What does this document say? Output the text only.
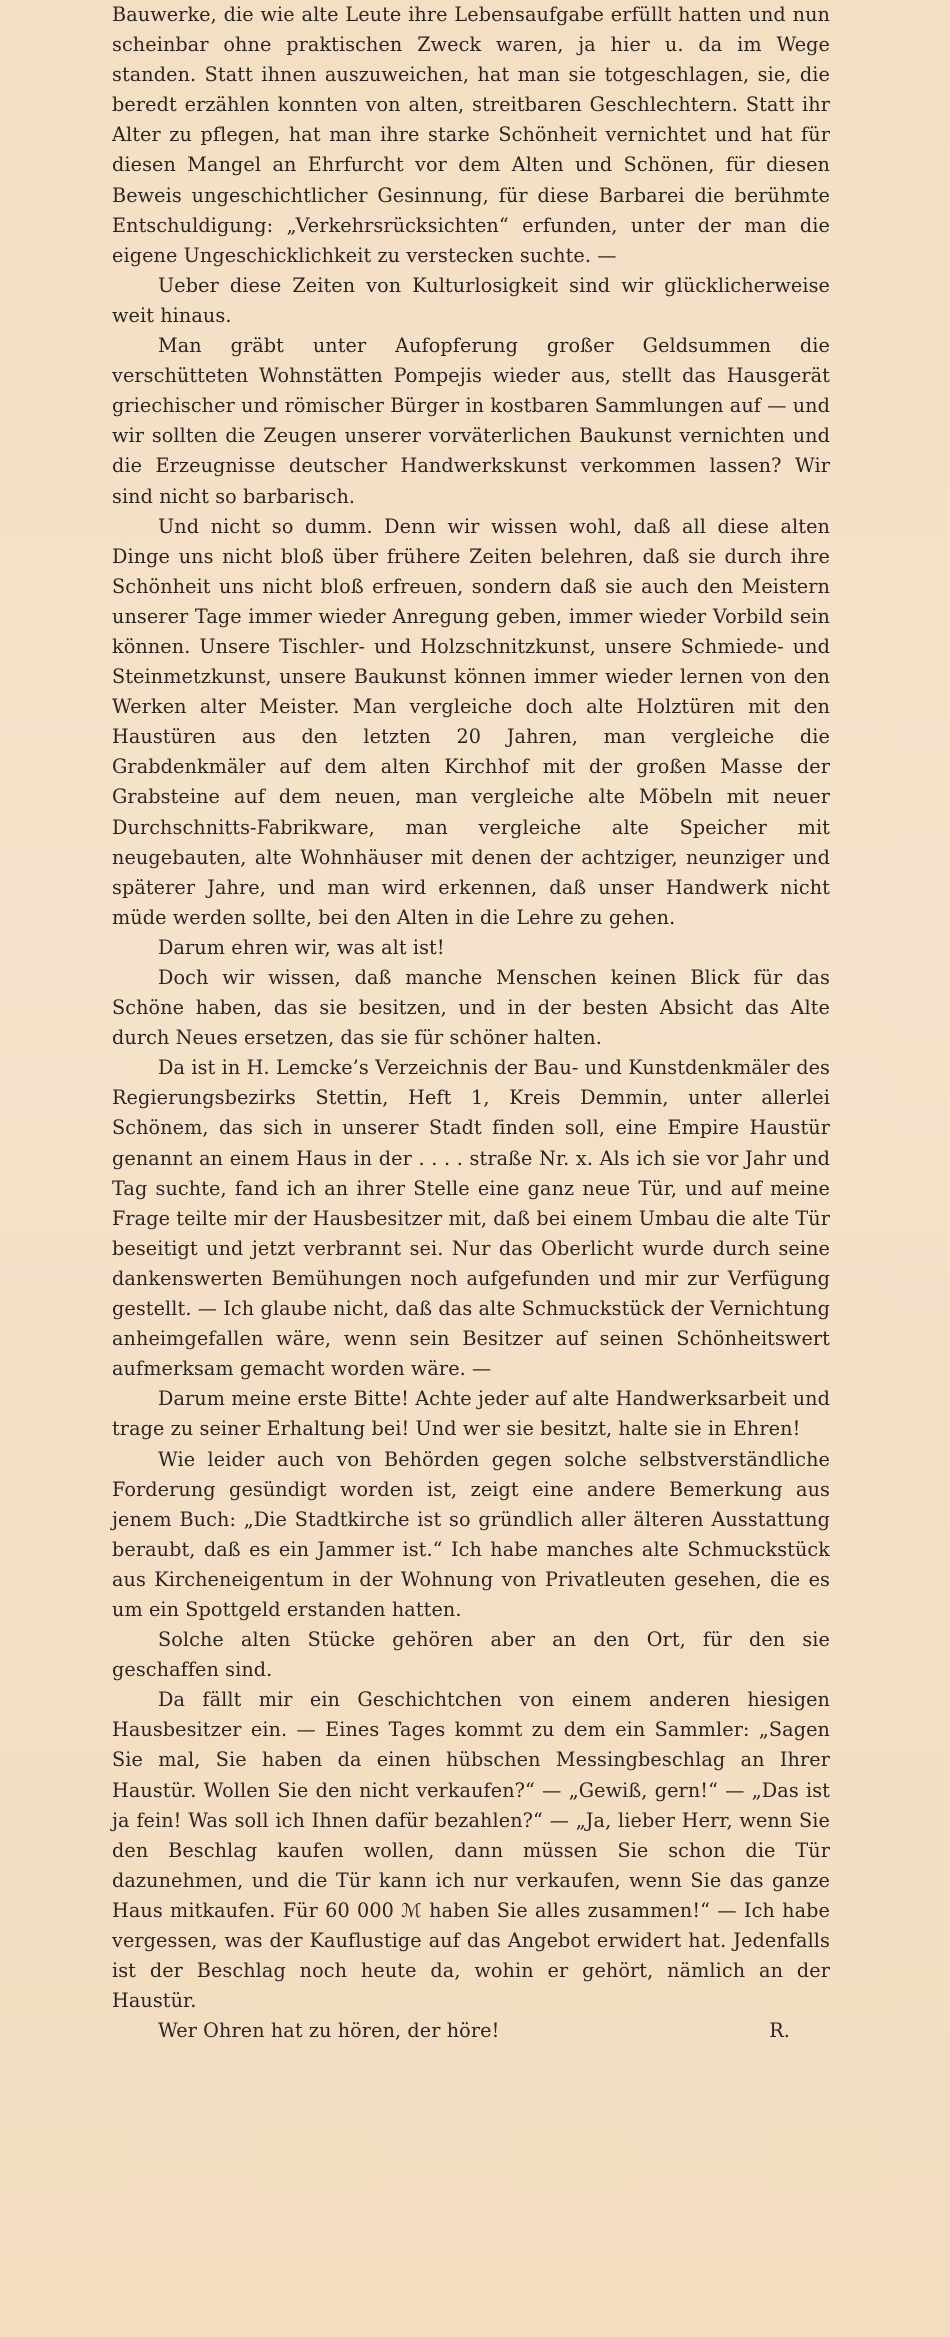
Bauwerke, die wie alte Leute ihre Lebensaufgabe erfüllt hatten und nun scheinbar ohne praktischen Zweck waren, ja hier u. da im Wege standen. Statt ihnen auszuweichen, hat man sie totgeschlagen, sie, die beredt erzählen konnten von alten, streitbaren Geschlechtern. Statt ihr Alter zu pflegen, hat man ihre starke Schönheit vernichtet und hat für diesen Mangel an Ehrfurcht vor dem Alten und Schönen, für diesen Beweis ungeschichtlicher Gesinnung, für diese Barbarei die berühmte Entschuldigung: „Verkehrsrücksichten“ erfunden, unter der man die eigene Ungeschicklichkeit zu verstecken suchte. —

Ueber diese Zeiten von Kulturlosigkeit sind wir glücklicherweise weit hinaus.

Man gräbt unter Aufopferung großer Geldsummen die verschütteten Wohnstätten Pompejis wieder aus, stellt das Hausgerät griechischer und römischer Bürger in kostbaren Sammlungen auf — und wir sollten die Zeugen unserer vorväterlichen Baukunst vernichten und die Erzeugnisse deutscher Handwerkskunst verkommen lassen? Wir sind nicht so barbarisch.

Und nicht so dumm. Denn wir wissen wohl, daß all diese alten Dinge uns nicht bloß über frühere Zeiten belehren, daß sie durch ihre Schönheit uns nicht bloß erfreuen, sondern daß sie auch den Meistern unserer Tage immer wieder Anregung geben, immer wieder Vorbild sein können. Unsere Tischler- und Holzschnitzkunst, unsere Schmiede- und Steinmetzkunst, unsere Baukunst können immer wieder lernen von den Werken alter Meister. Man vergleiche doch alte Holztüren mit den Haustüren aus den letzten 20 Jahren, man vergleiche die Grabdenkmäler auf dem alten Kirchhof mit der großen Masse der Grabsteine auf dem neuen, man vergleiche alte Möbeln mit neuer Durchschnitts-Fabrikware, man vergleiche alte Speicher mit neugebauten, alte Wohnhäuser mit denen der achtziger, neunziger und späterer Jahre, und man wird erkennen, daß unser Handwerk nicht müde werden sollte, bei den Alten in die Lehre zu gehen.

Darum ehren wir, was alt ist!

Doch wir wissen, daß manche Menschen keinen Blick für das Schöne haben, das sie besitzen, und in der besten Absicht das Alte durch Neues ersetzen, das sie für schöner halten.

Da ist in H. Lemcke’s Verzeichnis der Bau- und Kunstdenkmäler des Regierungsbezirks Stettin, Heft 1, Kreis Demmin, unter allerlei Schönem, das sich in unserer Stadt finden soll, eine Empire Haustür genannt an einem Haus in der . . . . straße Nr. x. Als ich sie vor Jahr und Tag suchte, fand ich an ihrer Stelle eine ganz neue Tür, und auf meine Frage teilte mir der Hausbesitzer mit, daß bei einem Umbau die alte Tür beseitigt und jetzt verbrannt sei. Nur das Oberlicht wurde durch seine dankenswerten Bemühungen noch aufgefunden und mir zur Verfügung gestellt. — Ich glaube nicht, daß das alte Schmuckstück der Vernichtung anheimgefallen wäre, wenn sein Besitzer auf seinen Schönheitswert aufmerksam gemacht worden wäre. —

Darum meine erste Bitte! Achte jeder auf alte Handwerksarbeit und trage zu seiner Erhaltung bei! Und wer sie besitzt, halte sie in Ehren!

Wie leider auch von Behörden gegen solche selbstverständliche Forderung gesündigt worden ist, zeigt eine andere Bemerkung aus jenem Buch: „Die Stadtkirche ist so gründlich aller älteren Ausstattung beraubt, daß es ein Jammer ist.“ Ich habe manches alte Schmuckstück aus Kircheneigentum in der Wohnung von Privatleuten gesehen, die es um ein Spottgeld erstanden hatten.

Solche alten Stücke gehören aber an den Ort, für den sie geschaffen sind.

Da fällt mir ein Geschichtchen von einem anderen hiesigen Hausbesitzer ein. — Eines Tages kommt zu dem ein Sammler: „Sagen Sie mal, Sie haben da einen hübschen Messingbeschlag an Ihrer Haustür. Wollen Sie den nicht verkaufen?“ — „Gewiß, gern!“ — „Das ist ja fein! Was soll ich Ihnen dafür bezahlen?“ — „Ja, lieber Herr, wenn Sie den Beschlag kaufen wollen, dann müssen Sie schon die Tür dazunehmen, und die Tür kann ich nur verkaufen, wenn Sie das ganze Haus mitkaufen. Für 60 000 ℳ haben Sie alles zusammen!“ — Ich habe vergessen, was der Kauflustige auf das Angebot erwidert hat. Jedenfalls ist der Beschlag noch heute da, wohin er gehört, nämlich an der Haustür.

Wer Ohren hat zu hören, der höre!	R.
